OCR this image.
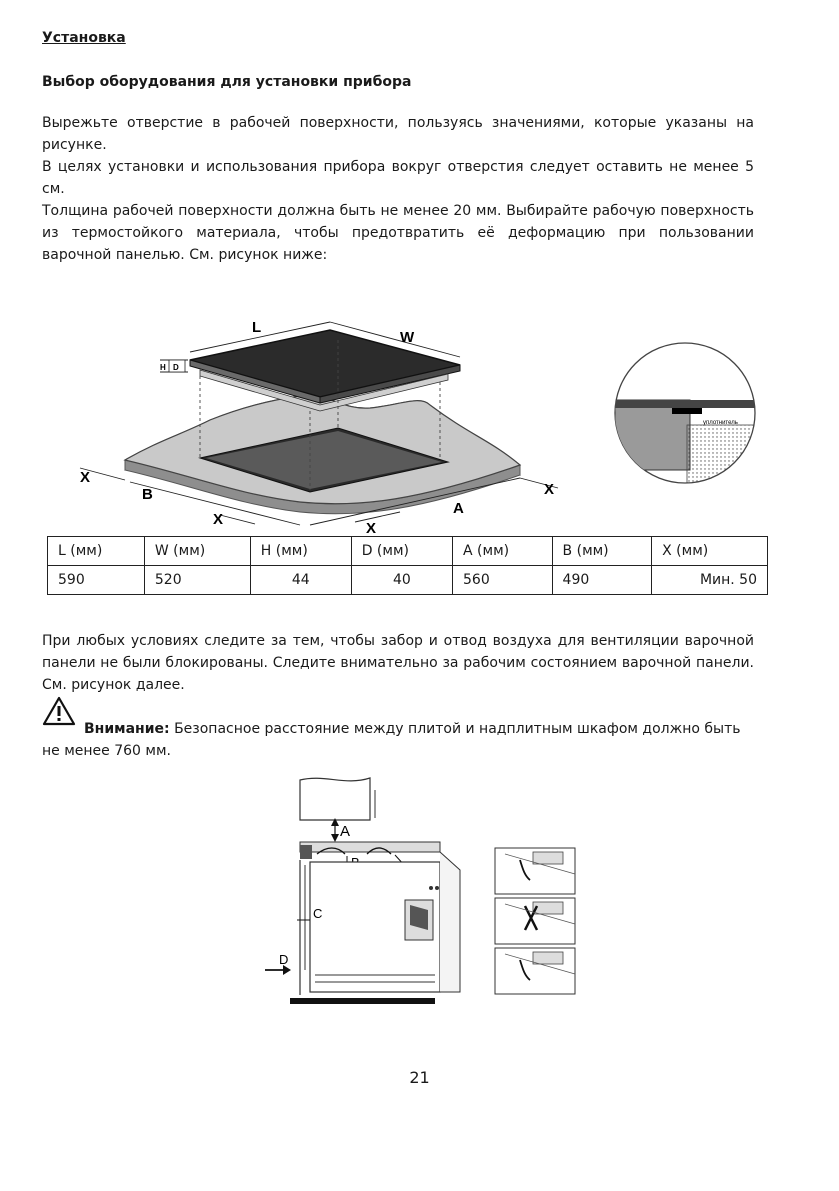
Установка
Выбор оборудования для установки прибора
Вырежьте отверстие в рабочей поверхности, пользуясь значениями, которые указаны на рисунке.
В целях установки и использования прибора вокруг отверстия следует оставить не менее 5 см.
Толщина рабочей поверхности должна быть не менее 20 мм. Выбирайте рабочую поверхность из термостойкого материала, чтобы предотвратить её деформацию при пользовании варочной панелью. См. рисунок ниже:
L
W
H D
X
B
X
A
X
X
уплотнитель
L (мм)	W (мм)	H (мм)	D (мм)	A (мм)	B (мм)	X (мм)
590	520	44	40	560	490	Мин. 50
При любых условиях следите за тем, чтобы забор и отвод воздуха для вентиляции варочной панели не были блокированы. Следите внимательно за рабочим состоянием варочной панели. См. рисунок далее.
Внимание: Безопасное расстояние между плитой и надплитным шкафом должно быть
не менее 760 мм.
A
C
D
21
